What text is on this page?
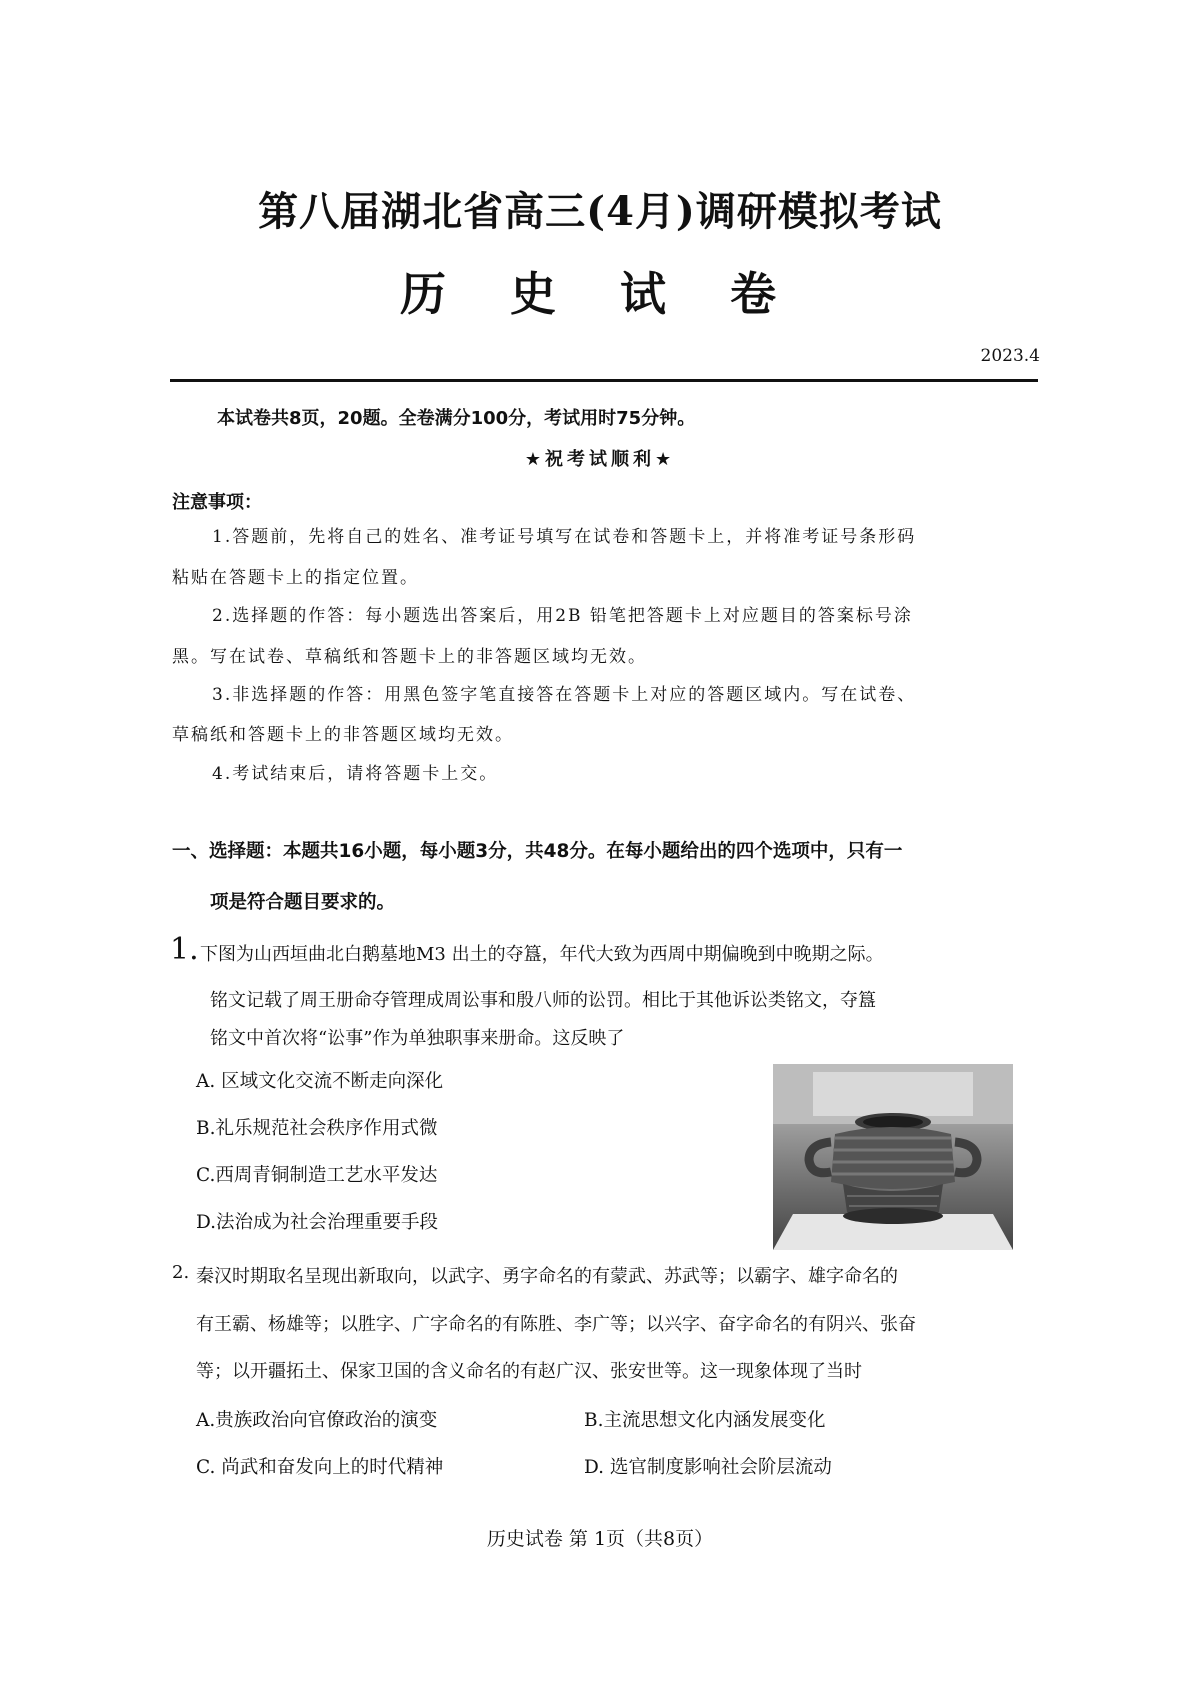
第八届湖北省高三(4月)调研模拟考试
历 史 试 卷
2023.4
本试卷共8页，20题。全卷满分100分，考试用时75分钟。
★祝考试顺利★
注意事项：
1.答题前，先将自己的姓名、准考证号填写在试卷和答题卡上，并将准考证号条形码
粘贴在答题卡上的指定位置。
2.选择题的作答：每小题选出答案后，用2B 铅笔把答题卡上对应题目的答案标号涂
黑。写在试卷、草稿纸和答题卡上的非答题区域均无效。
3.非选择题的作答：用黑色签字笔直接答在答题卡上对应的答题区域内。写在试卷、
草稿纸和答题卡上的非答题区域均无效。
4.考试结束后，请将答题卡上交。
一、选择题：本题共16小题，每小题3分，共48分。在每小题给出的四个选项中，只有一
项是符合题目要求的。
1. 下图为山西垣曲北白鹅墓地M3 出土的夺簋，年代大致为西周中期偏晚到中晚期之际。
铭文记载了周王册命夺管理成周讼事和殷八师的讼罚。相比于其他诉讼类铭文，夺簋
铭文中首次将“讼事”作为单独职事来册命。这反映了
A. 区域文化交流不断走向深化
B.礼乐规范社会秩序作用式微
C.西周青铜制造工艺水平发达
D.法治成为社会治理重要手段
2. 秦汉时期取名呈现出新取向，以武字、勇字命名的有蒙武、苏武等；以霸字、雄字命名的
有王霸、杨雄等；以胜字、广字命名的有陈胜、李广等；以兴字、奋字命名的有阴兴、张奋
等；以开疆拓土、保家卫国的含义命名的有赵广汉、张安世等。这一现象体现了当时
A.贵族政治向官僚政治的演变	B.主流思想文化内涵发展变化
C. 尚武和奋发向上的时代精神	D. 选官制度影响社会阶层流动
历史试卷 第 1页（共8页）
